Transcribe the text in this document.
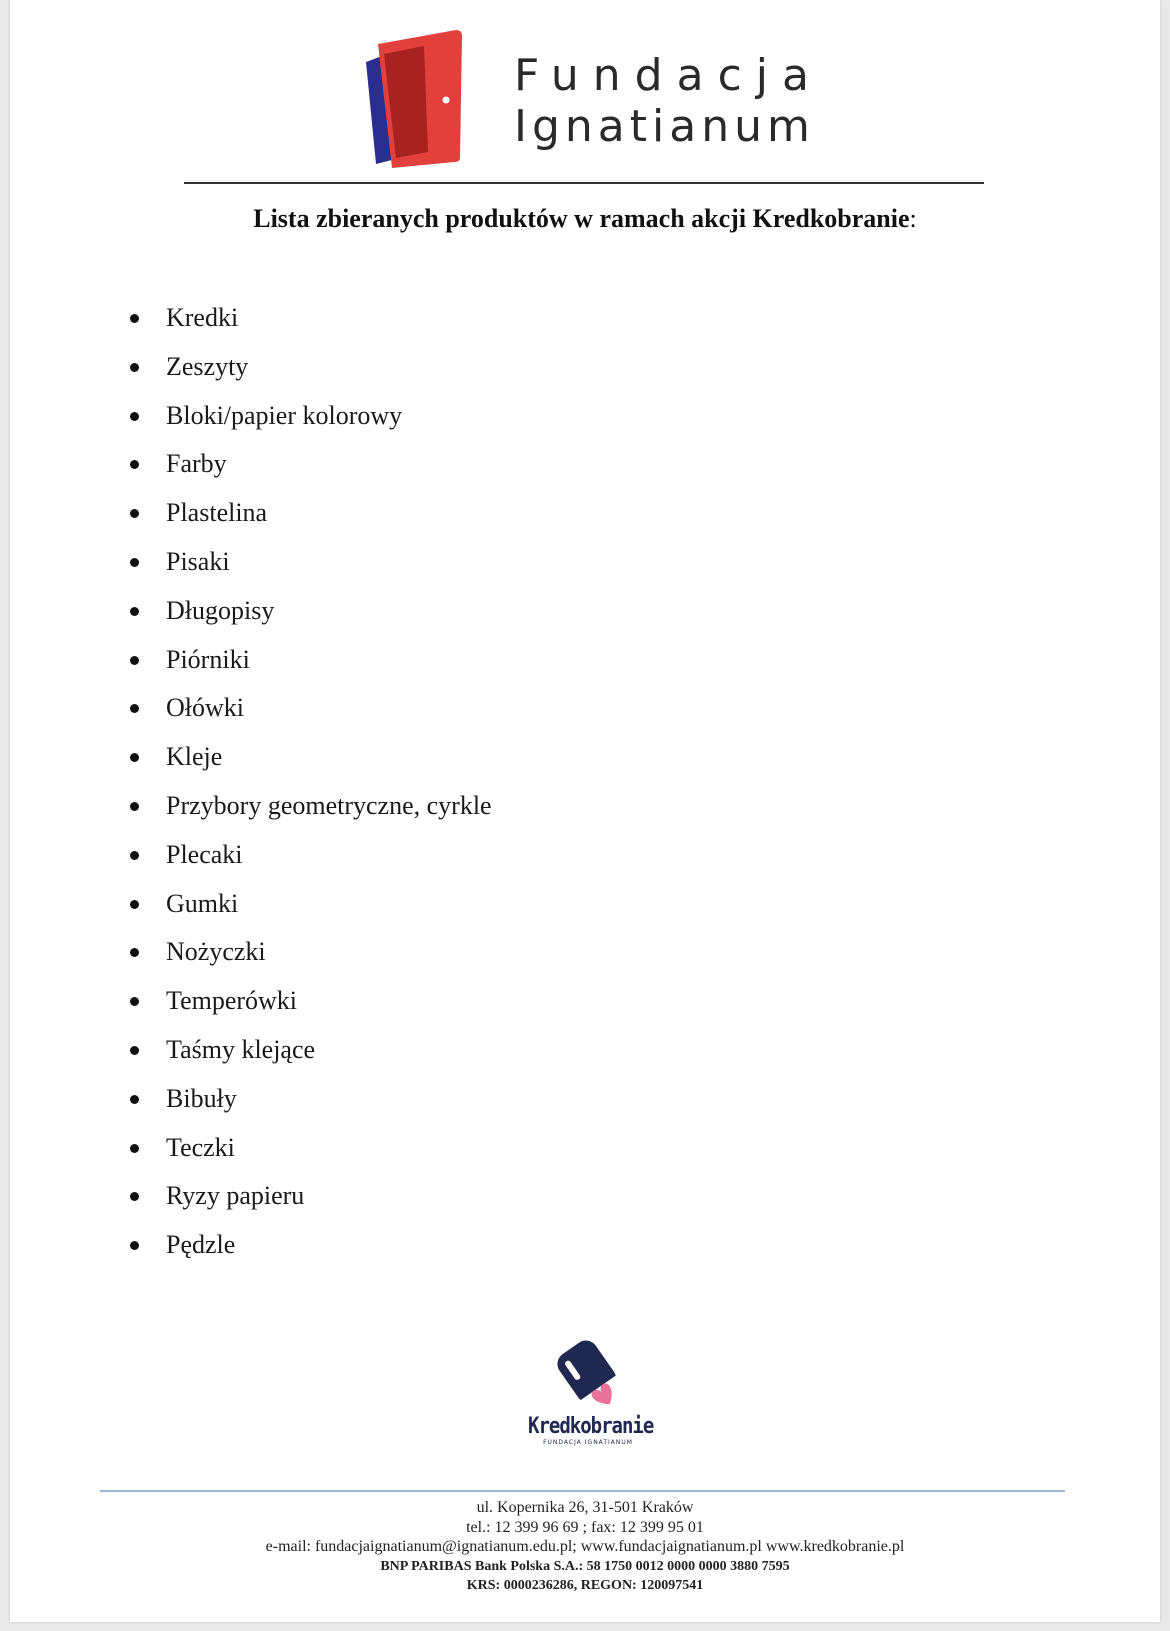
Fundacja
Ignatianum
Lista zbieranych produktów w ramach akcji Kredkobranie:
Kredki
Zeszyty
Bloki/papier kolorowy
Farby
Plastelina
Pisaki
Długopisy
Piórniki
Ołówki
Kleje
Przybory geometryczne, cyrkle
Plecaki
Gumki
Nożyczki
Temperówki
Taśmy klejące
Bibuły
Teczki
Ryzy papieru
Pędzle
Kredkobranie
FUNDACJA IGNATIANUM
ul. Kopernika 26, 31-501 Kraków
tel.: 12 399 96 69 ; fax: 12 399 95 01
e-mail: fundacjaignatianum@ignatianum.edu.pl; www.fundacjaignatianum.pl www.kredkobranie.pl
BNP PARIBAS Bank Polska S.A.: 58 1750 0012 0000 0000 3880 7595
KRS: 0000236286, REGON: 120097541
